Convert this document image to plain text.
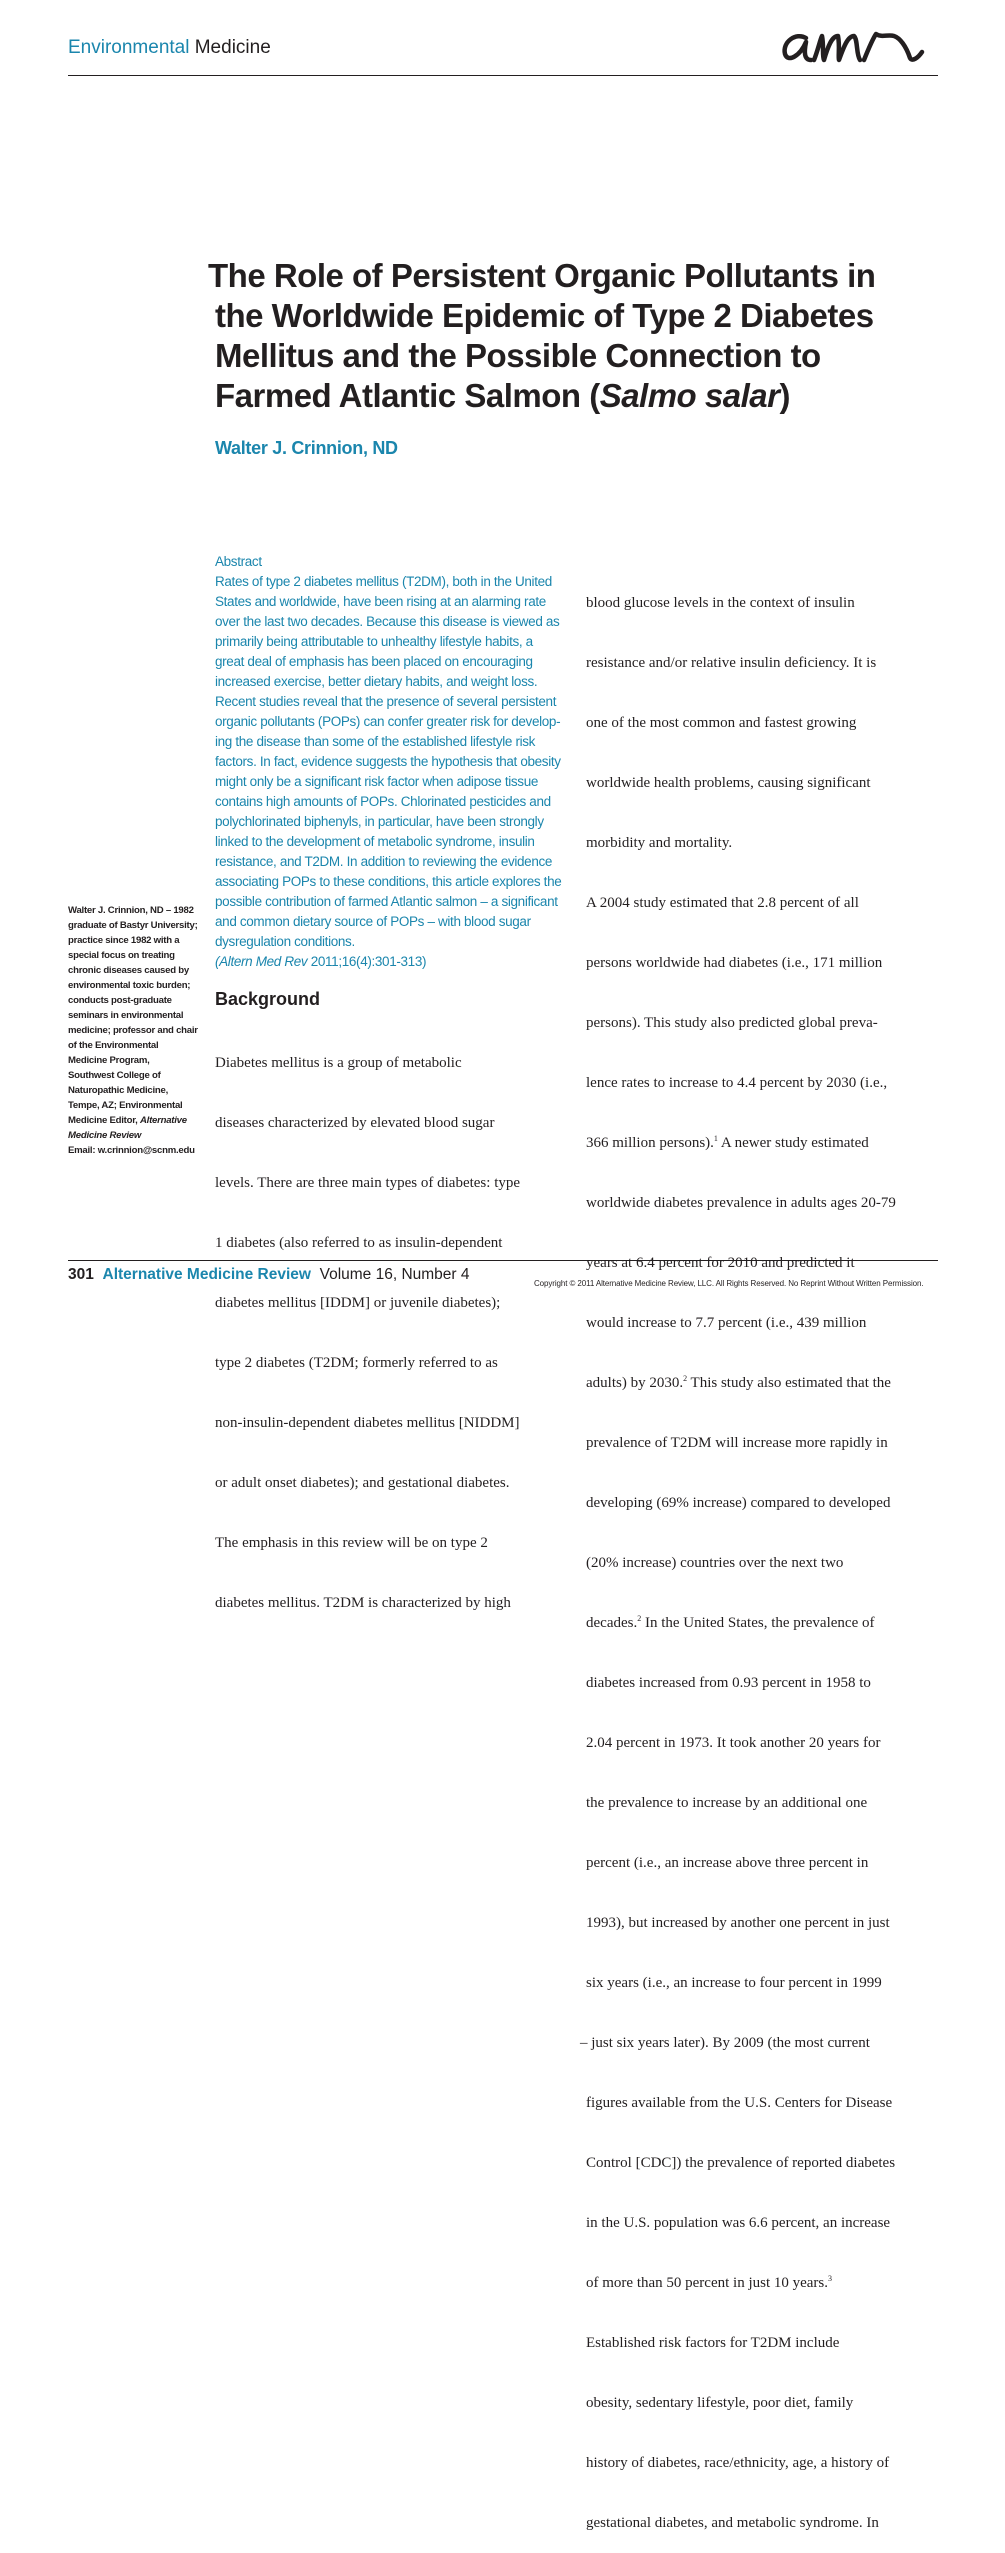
Environmental Medicine
The Role of Persistent Organic Pollutants in
the Worldwide Epidemic of Type 2 Diabetes
Mellitus and the Possible Connection to
Farmed Atlantic Salmon (Salmo salar)
Walter J. Crinnion, ND
Abstract
Rates of type 2 diabetes mellitus (T2DM), both in the United
States and worldwide, have been rising at an alarming rate
over the last two decades. Because this disease is viewed as
primarily being attributable to unhealthy lifestyle habits, a
great deal of emphasis has been placed on encouraging
increased exercise, better dietary habits, and weight loss.
Recent studies reveal that the presence of several persistent
organic pollutants (POPs) can confer greater risk for develop-
ing the disease than some of the established lifestyle risk
factors. In fact, evidence suggests the hypothesis that obesity
might only be a significant risk factor when adipose tissue
contains high amounts of POPs. Chlorinated pesticides and
polychlorinated biphenyls, in particular, have been strongly
linked to the development of metabolic syndrome, insulin
resistance, and T2DM. In addition to reviewing the evidence
associating POPs to these conditions, this article explores the
possible contribution of farmed Atlantic salmon – a significant
and common dietary source of POPs – with blood sugar
dysregulation conditions.
(Altern Med Rev 2011;16(4):301-313)
Walter J. Crinnion, ND – 1982
graduate of Bastyr University;
practice since 1982 with a
special focus on treating
chronic diseases caused by
environmental toxic burden;
conducts post-graduate
seminars in environmental
medicine; professor and chair
of the Environmental
Medicine Program,
Southwest College of
Naturopathic Medicine,
Tempe, AZ; Environmental
Medicine Editor, Alternative
Medicine Review
Email: w.crinnion@scnm.edu
Background

Diabetes mellitus is a group of metabolic

diseases characterized by elevated blood sugar

levels. There are three main types of diabetes: type

1 diabetes (also referred to as insulin-dependent

diabetes mellitus [IDDM] or juvenile diabetes);

type 2 diabetes (T2DM; formerly referred to as

non-insulin-dependent diabetes mellitus [NIDDM]

or adult onset diabetes); and gestational diabetes.

The emphasis in this review will be on type 2

diabetes mellitus. T2DM is characterized by high

blood glucose levels in the context of insulin

resistance and/or relative insulin deficiency. It is

one of the most common and fastest growing

worldwide health problems, causing significant

morbidity and mortality.

A 2004 study estimated that 2.8 percent of all

persons worldwide had diabetes (i.e., 171 million

persons). This study also predicted global preva-

lence rates to increase to 4.4 percent by 2030 (i.e.,

366 million persons).$^1$ A newer study estimated

worldwide diabetes prevalence in adults ages 20-79

years at 6.4 percent for 2010 and predicted it

would increase to 7.7 percent (i.e., 439 million

adults) by 2030.$^2$ This study also estimated that the

prevalence of T2DM will increase more rapidly in

developing (69% increase) compared to developed

(20% increase) countries over the next two

decades.$^2$ In the United States, the prevalence of

diabetes increased from 0.93 percent in 1958 to

2.04 percent in 1973. It took another 20 years for

the prevalence to increase by an additional one

percent (i.e., an increase above three percent in

1993), but increased by another one percent in just

six years (i.e., an increase to four percent in 1999

– just six years later). By 2009 (the most current

figures available from the U.S. Centers for Disease

Control [CDC]) the prevalence of reported diabetes

in the U.S. population was 6.6 percent, an increase

of more than 50 percent in just 10 years.$^3$

Established risk factors for T2DM include

obesity, sedentary lifestyle, poor diet, family

history of diabetes, race/ethnicity, age, a history of

gestational diabetes, and metabolic syndrome. In

301 Alternative Medicine Review Volume 16, Number 4
Copyright © 2011 Alternative Medicine Review, LLC. All Rights Reserved. No Reprint Without Written Permission.
